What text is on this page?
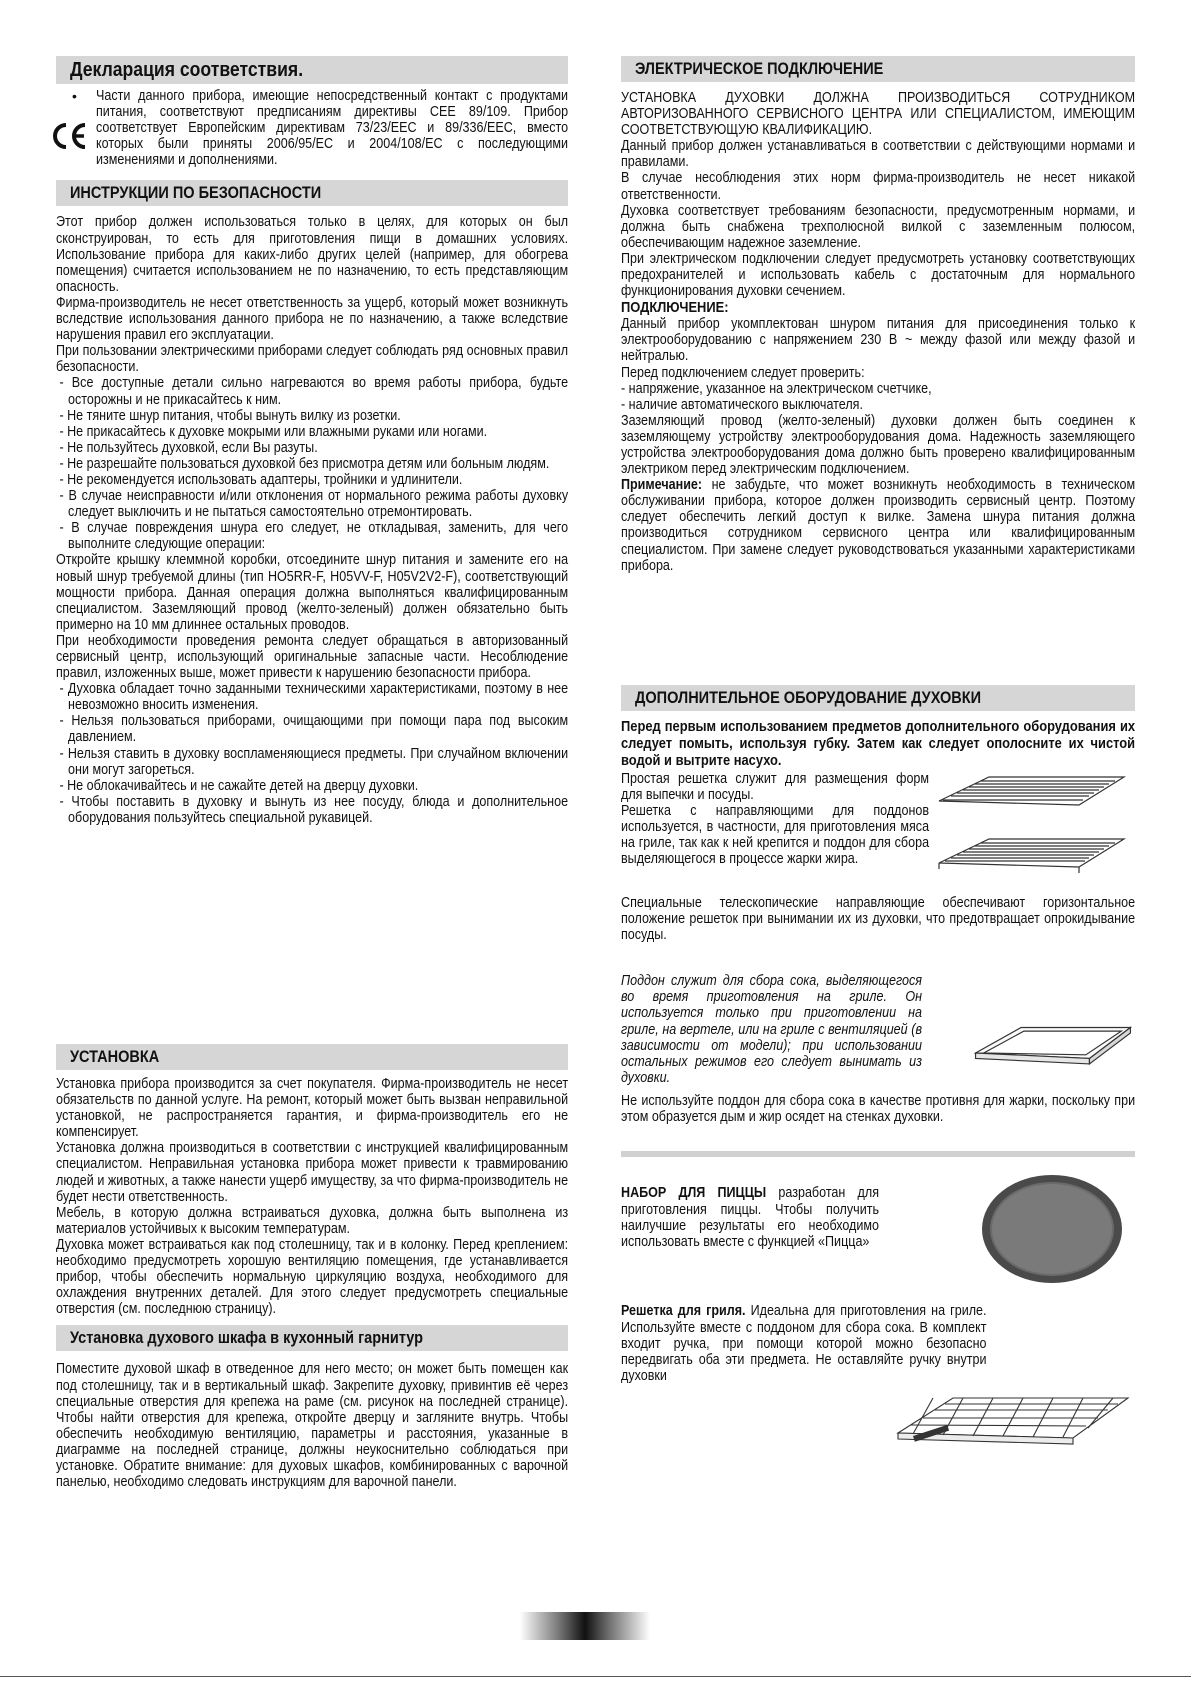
Декларация соответствия.
• Части данного прибора, имеющие непосредственный контакт с продуктами питания, соответствуют предписаниям директивы CEE 89/109. Прибор соответствует Европейским директивам 73/23/EEC и 89/336/EEC, вместо которых были приняты 2006/95/EC и 2004/108/EC с последующими изменениями и дополнениями.

ИНСТРУКЦИИ ПО БЕЗОПАСНОСТИ

Этот прибор должен использоваться только в целях, для которых он был сконструирован, то есть для приготовления пищи в домашних условиях. Использование прибора для каких-либо других целей (например, для обогрева помещения) считается использованием не по назначению, то есть представляющим опасность.

Фирма-производитель не несет ответственность за ущерб, который может возникнуть вследствие использования данного прибора не по назначению, а также вследствие нарушения правил его эксплуатации.

При пользовании электрическими приборами следует соблюдать ряд основных правил безопасности.

- Все доступные детали сильно нагреваются во время работы прибора, будьте осторожны и не прикасайтесь к ним.
- Не тяните шнур питания, чтобы вынуть вилку из розетки.
- Не прикасайтесь к духовке мокрыми или влажными руками или ногами.
- Не пользуйтесь духовкой, если Вы разуты.
- Не разрешайте пользоваться духовкой без присмотра детям или больным людям.
- Не рекомендуется использовать адаптеры, тройники и удлинители.
- В случае неисправности и/или отклонения от нормального режима работы духовку следует выключить и не пытаться самостоятельно отремонтировать.
- В случае повреждения шнура его следует, не откладывая, заменить, для чего выполните следующие операции:

Откройте крышку клеммной коробки, отсоедините шнур питания и замените его на новый шнур требуемой длины (тип HO5RR-F, H05VV-F, H05V2V2-F), соответствующий мощности прибора. Данная операция должна выполняться квалифицированным специалистом. Заземляющий провод (желто-зеленый) должен обязательно быть примерно на 10 мм длиннее остальных проводов.

При необходимости проведения ремонта следует обращаться в авторизованный сервисный центр, использующий оригинальные запасные части. Несоблюдение правил, изложенных выше, может привести к нарушению безопасности прибора.

- Духовка обладает точно заданными техническими характеристиками, поэтому в нее невозможно вносить изменения.
- Нельзя пользоваться приборами, очищающими при помощи пара под высоким давлением.
- Нельзя ставить в духовку воспламеняющиеся предметы. При случайном включении они могут загореться.
- Не облокачивайтесь и не сажайте детей на дверцу духовки.
- Чтобы поставить в духовку и вынуть из нее посуду, блюда и дополнительное оборудования пользуйтесь специальной рукавицей.
УСТАНОВКА

Установка прибора производится за счет покупателя. Фирма-производитель не несет обязательств по данной услуге. На ремонт, который может быть вызван неправильной установкой, не распространяется гарантия, и фирма-производитель его не компенсирует.

Установка должна производиться в соответствии с инструкцией квалифицированным специалистом. Неправильная установка прибора может привести к травмированию людей и животных, а также нанести ущерб имуществу, за что фирма-производитель не будет нести ответственность.

Мебель, в которую должна встраиваться духовка, должна быть выполнена из материалов устойчивых к высоким температурам.

Духовка может встраиваться как под столешницу, так и в колонку. Перед креплением: необходимо предусмотреть хорошую вентиляцию помещения, где устанавливается прибор, чтобы обеспечить нормальную циркуляцию воздуха, необходимого для охлаждения внутренних деталей. Для этого следует предусмотреть специальные отверстия (см. последнюю страницу).

Установка духового шкафа в кухонный гарнитур

Поместите духовой шкаф в отведенное для него место; он может быть помещен как под столешницу, так и в вертикальный шкаф. Закрепите духовку, привинтив её через специальные отверстия для крепежа на раме (см. рисунок на последней странице). Чтобы найти отверстия для крепежа, откройте дверцу и загляните внутрь. Чтобы обеспечить необходимую вентиляцию, параметры и расстояния, указанные в диаграмме на последней странице, должны неукоснительно соблюдаться при установке. Обратите внимание: для духовых шкафов, комбинированных с варочной панелью, необходимо следовать инструкциям для варочной панели.

ЭЛЕКТРИЧЕСКОЕ ПОДКЛЮЧЕНИЕ

УСТАНОВКА ДУХОВКИ ДОЛЖНА ПРОИЗВОДИТЬСЯ СОТРУДНИКОМ АВТОРИЗОВАННОГО СЕРВИСНОГО ЦЕНТРА ИЛИ СПЕЦИАЛИСТОМ, ИМЕЮЩИМ СООТВЕТСТВУЮЩУЮ КВАЛИФИКАЦИЮ.

Данный прибор должен устанавливаться в соответствии с действующими нормами и правилами.

В случае несоблюдения этих норм фирма-производитель не несет никакой ответственности.

Духовка соответствует требованиям безопасности, предусмотренным нормами, и должна быть снабжена трехполюсной вилкой с заземленным полюсом, обеспечивающим надежное заземление.

При электрическом подключении следует предусмотреть установку соответствующих предохранителей и использовать кабель с достаточным для нормального функционирования духовки сечением.

ПОДКЛЮЧЕНИЕ:

Данный прибор укомплектован шнуром питания для присоединения только к электрооборудованию с напряжением 230 В ~ между фазой или между фазой и нейтралью.

Перед подключением следует проверить:

- напряжение, указанное на электрическом счетчике,

- наличие автоматического выключателя.

Заземляющий провод (желто-зеленый) духовки должен быть соединен к заземляющему устройству электрооборудования дома. Надежность заземляющего устройства электрооборудования дома должно быть проверено квалифицированным электриком перед электрическим подключением.

Примечание: не забудьте, что может возникнуть необходимость в техническом обслуживании прибора, которое должен производить сервисный центр. Поэтому следует обеспечить легкий доступ к вилке. Замена шнура питания должна производиться сотрудником сервисного центра или квалифицированным специалистом. При замене следует руководствоваться указанными характеристиками прибора.

ДОПОЛНИТЕЛЬНОЕ ОБОРУДОВАНИЕ ДУХОВКИ

Перед первым использованием предметов дополнительного оборудования их следует помыть, используя губку. Затем как следует ополосните их чистой водой и вытрите насухо.

Простая решетка служит для размещения форм для выпечки и посуды.

Решетка с направляющими для поддонов используется, в частности, для приготовления мяса на гриле, так как к ней крепится и поддон для сбора выделяющегося в процессе жарки жира.

Специальные телескопические направляющие обеспечивают горизонтальное положение решеток при вынимании их из духовки, что предотвращает опрокидывание посуды.

Поддон служит для сбора сока, выделяющегося во время приготовления на гриле. Он используется только при приготовлении на гриле, на вертеле, или на гриле с вентиляцией (в зависимости от модели); при использовании остальных режимов его следует вынимать из духовки.

Не используйте поддон для сбора сока в качестве противня для жарки, поскольку при этом образуется дым и жир осядет на стенках духовки.

НАБОР ДЛЯ ПИЦЦЫ разработан для приготовления пиццы. Чтобы получить наилучшие результаты его необходимо использовать вместе с функцией «Пицца»

Решетка для гриля. Идеальна для приготовления на гриле. Используйте вместе с поддоном для сбора сока. В комплект входит ручка, при помощи которой можно безопасно передвигать оба эти предмета. Не оставляйте ручку внутри духовки
